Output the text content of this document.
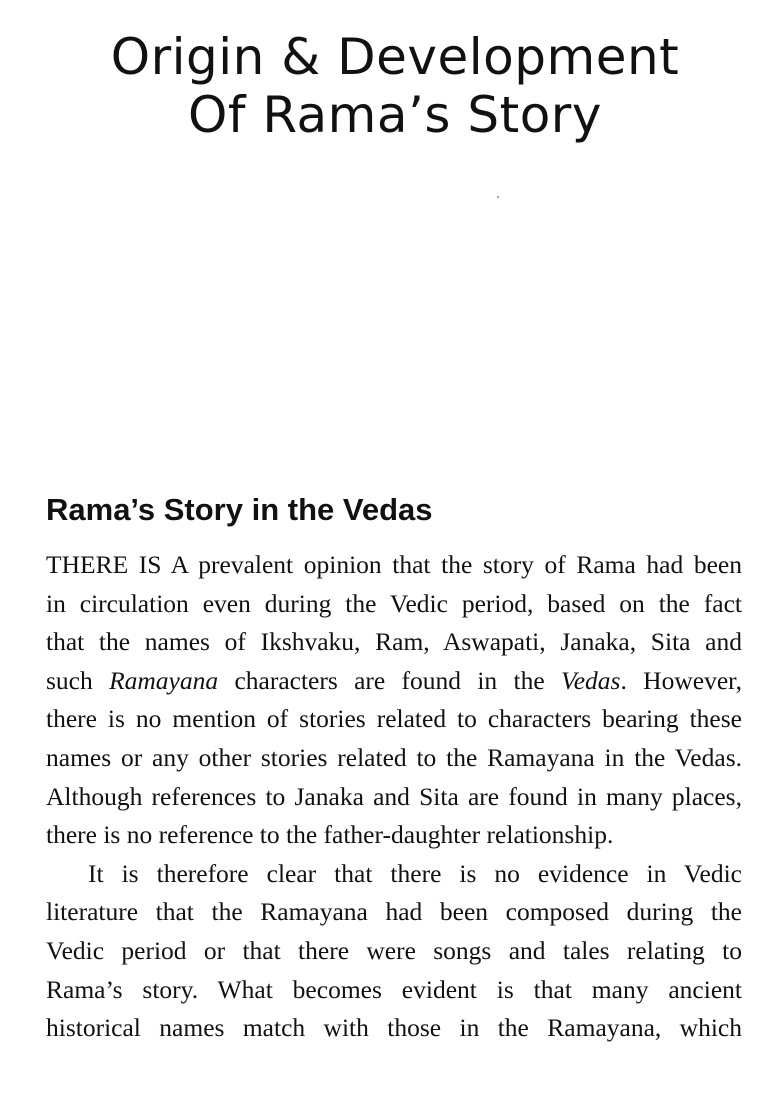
Origin & Development
Of Rama’s Story
Rama’s Story in the Vedas
THERE IS A prevalent opinion that the story of Rama had been
in circulation even during the Vedic period, based on the fact
that the names of Ikshvaku, Ram, Aswapati, Janaka, Sita and
such Ramayana characters are found in the Vedas. However,
there is no mention of stories related to characters bearing these
names or any other stories related to the Ramayana in the Vedas.
Although references to Janaka and Sita are found in many places,
there is no reference to the father-daughter relationship.
It is therefore clear that there is no evidence in Vedic
literature that the Ramayana had been composed during the
Vedic period or that there were songs and tales relating to
Rama’s story. What becomes evident is that many ancient
historical names match with those in the Ramayana, which
